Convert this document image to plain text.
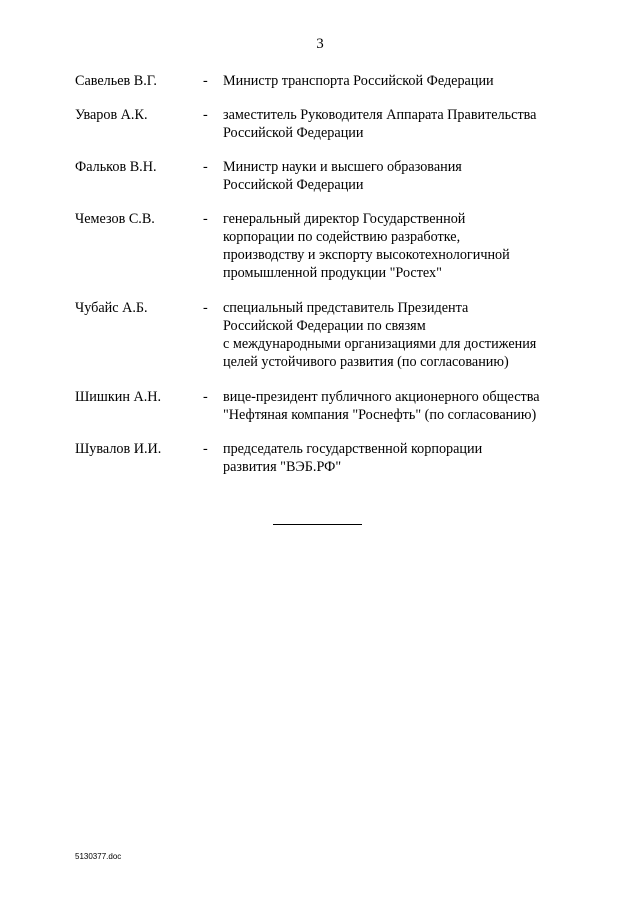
3
Савельев В.Г.	-	Министр транспорта Российской Федерации
Уваров А.К.	-	заместитель Руководителя Аппарата Правительства
Российской Федерации
Фальков В.Н.	-	Министр науки и высшего образования
Российской Федерации
Чемезов С.В.	-	генеральный директор Государственной
корпорации по содействию разработке,
производству и экспорту высокотехнологичной
промышленной продукции "Ростех"
Чубайс А.Б.	-	специальный представитель Президента
Российской Федерации по связям
с международными организациями для достижения
целей устойчивого развития (по согласованию)
Шишкин А.Н.	-	вице-президент публичного акционерного общества
"Нефтяная компания "Роснефть" (по согласованию)
Шувалов И.И.	-	председатель государственной корпорации
развития "ВЭБ.РФ"
5130377.doc
